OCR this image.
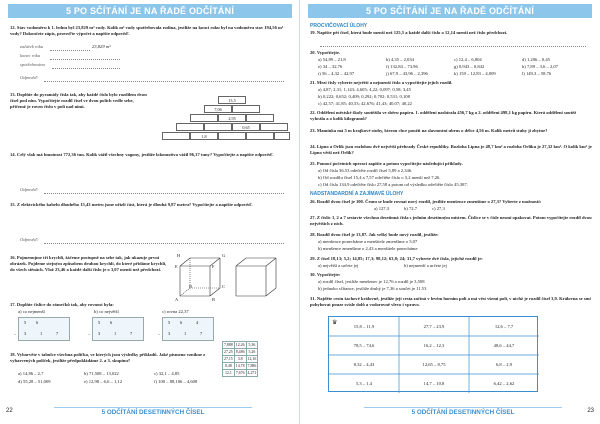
5 PO SČÍTÁNÍ JE NA ŘADĚ ODČÍTÁNÍ
12. Stav vodoměru k 1. lednu byl 23,829 m³ vody. Kolik m³ vody spotřebovala rodina, jestliže na konci roku byl na vodoměru stav 194,56 m³ vody? Dokončete zápis, proveďte výpočet a napište odpověď.
začátek roku	23,829 m³
konec roku
spotřebováno
Odpověď:
13. Doplňte do pyramidy čísla tak, aby každé číslo bylo rozdílem dvou čísel pod ním. Vypočítejte rozdíl čísel ve dvou polích vedle sebe, přičemž je roven číslu v poli nad nimi.
13,5
7,06
2,95
0,65
1,8
14. Celý vlak má hmotnost 772,36 tun. Kolik vážil všechny vagony, jestliže lokomotiva vážil 96,37 tuny? Vypočítejte a napište odpověď.
Odpověď:
15. Z elektrického kabelu dlouhého 15,43 metru jsme uřízli část, která je dlouhá 9,87 metru? Vypočítejte a napište odpověď.
Odpověď:
16. Pojmenujme tři krychli, žáčeme postupně na sebe tak, jak ukazuje první obrázek. Pojdeme stejným způsobem druhou krychli, do které přidáme krychli, do všech stěnách. Vlož 23,46 a každé další číslo je o 3,07 menší než předchozí.
H	G
E	F
D	C
A	B
17. Doplňte číslice do rámečků tak, aby rovnost byla:
a) co nejmenší	b) co největší	c) rovna 22,37
5 6	5 6	5 6	4
– 3	1	7	– 3	1	7	– 3	1	7
18. Vybarvěte v tabulce všechna políčka, ve kterých jsou výsledky příkladů. Jaké písmeno vznikne z vybarvených políček, jestliže předpokládáme 2. a 3. skupinu?
a) 14,86 – 2,7	b) 71,508 – 13,022	c) 32,1 – 4,85
d) 55,28 – 51,009	e) 12,98 – 6,6 – 1,12	f) 100 – 88,106 – 4,608
7,888	12,26	5,36
27,25	8,486	5,26
27,15	3,8	12,16
8,48	14,78	7,886
12,1	7,676	4,271
22	5 ODČÍTÁNÍ DESETINNÝCH ČÍSEL
5 PO SČÍTÁNÍ JE NA ŘADĚ ODČÍTÁNÍ
PROCVIČOVACÍ ÚLOHY
19. Napište pět čísel, která bude menší než 125,5 a každé další číslo o 12,14 menší než číslo předchozí.
20. Vypočítejte.
a) 54,89 – 21,8	b) 4,35 – 2,034	c) 12,4 – 6,804	d) 1,206 – 0,45
e) 34 – 32,76	f) 132,84 – 73,96	g) 0,943 – 0,842	h) 7,89 – 3,6 – 2,07
i) 56 – 4,32 – 42,97	j) 67,9 – 43,96 – 2,396	k) 159 – 12,83 – 4,009	l) 149,3 – 58,76
21. Mezi čísly vyberte největší a nejmenší číslo a vypočítejte jejich rozdíl.
a) 4,87; 2,31; 1,143; 4,605; 4,22; 0,097; 0,58; 3,45
b) 0,222; 0,652; 0,409; 0,292; 0,702; 0,531; 0,108
c) 42,57; 41,85; 40,53; 42,676; 41,43; 40,07; 40,22
22. Oddělení městské školy soutěžila ve sběru papíru. 1. oddělení nasbírala 456,7 kg a 2. oddělení 498,1 kg papíru. Která oddělení soutěž vyhrála a o kolik kilogramů?
23. Mamínka má 5 m krajkové stuhy, kterou chce použít na slavnostní ubrus o délce 4,56 m. Kolik metrů stuhy jí zbytne?
24. Lipno a Orlík jsou rozlohou dvě největší přehrady České republiky. Rozloha Lipna je 48,7 km² a rozloha Orlíku je 27,32 km². O kolik km² je Lipno větší než Orlík?
25. Pomocí početních operací zapište a potom vypočítejte následující příklady.
a) Od čísla 36,53 odečtěte rozdíl čísel 5,89 a 2,346.
b) Od rozdílu čísel 15,4 a 7,57 odečtěte číslo o 3,2 menší než 7,26.
c) Od čísla 134,9 odečtěte číslo 27,58 a potom od výsledku odečtěte číslo 45,387.
NADSTANDARDNÍ A ZAJÍMAVÉ ÚLOHY
26. Rozdíl dvou čísel je 100. Čemu se bude rovnat nový rozdíl, jestliže menšence zmenšíme o 27,3? Vyberte z možností:
a) 127,3	b) 72,7	c) 27,3
27. Z číslic 1, 2 a 7 sestavte všechna desetinná čísla s jedním desetinným místem. Číslice se v čísle nesmí opakovat. Potom vypočítejte rozdíl dvou největších z nich.
28. Rozdíl dvou čísel je 13,87. Jak velký bude nový rozdíl, jestliže:
a) menšence ponecháme a menšitele zmenšíme o 5,07
b) menšence zmenšíme o 2,43 a menšitele ponecháme
29. Z čísel 18,13; 5,2; 14,85; 17,3; 98,12; 63,8; 24; 31,7 vyberte dvě čísla, jejichž rozdíl je:
a) největší a určete jej	b) nejmenší a určete jej
30. Vypočítejte:
a) rozdíl čísel, jestliže menšenec je 12,76 a rozdíl je 3,508
b) jednoho sčítance, jestliže druhý je 7,36 a součet je 11,53
31. Najděte cestu šachové královně, jestliže její cesta začíná v levém horním poli a má vést všemi poli, v nichž je rozdíl čísel 3,9. Královna se smí pohybovat pouze svisle dolů a vodorovně vlevo i vpravo.
♛
15,8 – 11,9	27,7 – 23,9	12,6 – 7,7
78,5 – 74,6	16,2 – 12,3	48,6 – 44,7
8,32 – 4,43	12,65 – 8,75	6,8 – 2,9
5,3 – 1,4	14,7 – 10,8	6,42 – 2,62
5 ODČÍTÁNÍ DESETINNÝCH ČÍSEL	23
